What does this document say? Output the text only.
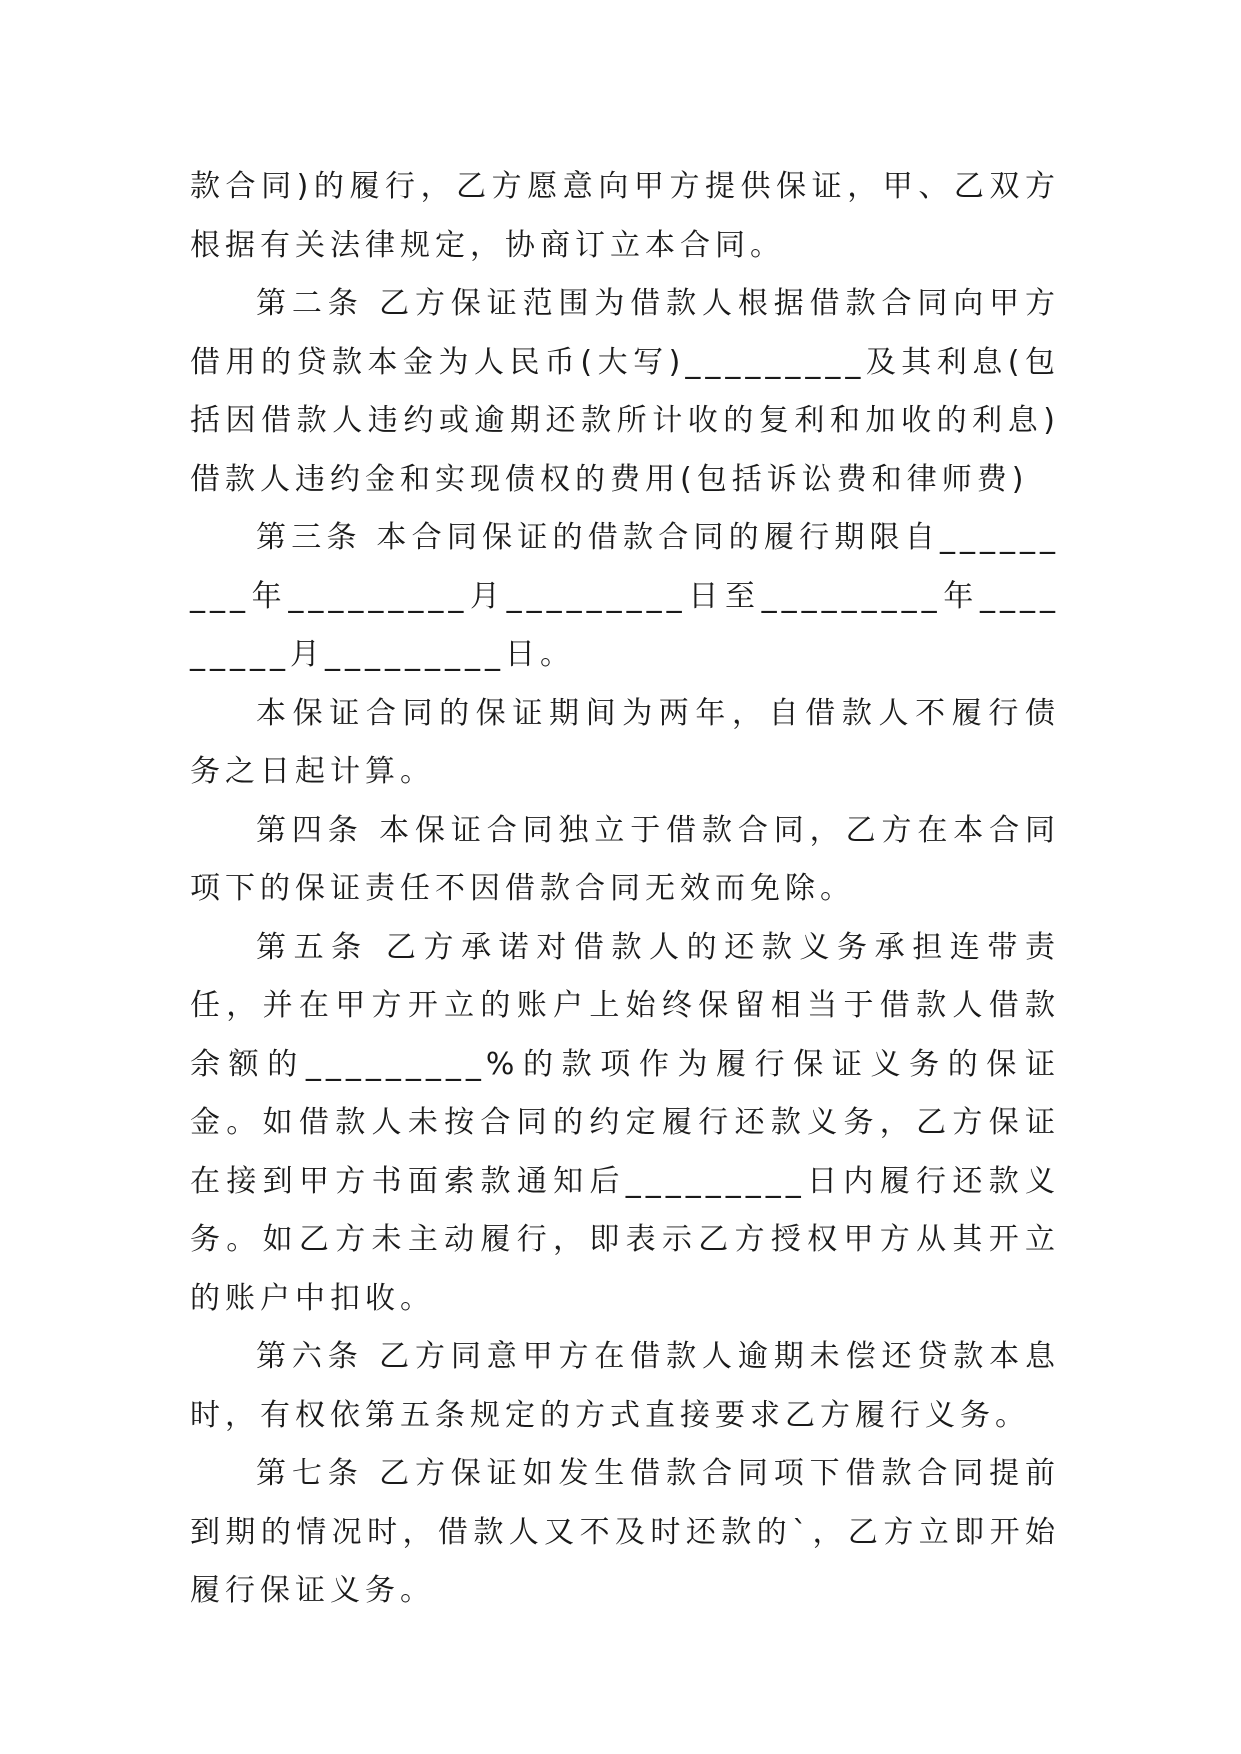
款合同)的履行，乙方愿意向甲方提供保证，甲、乙双方根据有关法律规定，协商订立本合同。

第二条 乙方保证范围为借款人根据借款合同向甲方借用的贷款本金为人民币(大写)_________及其利息(包括因借款人违约或逾期还款所计收的复利和加收的利息)借款人违约金和实现债权的费用(包括诉讼费和律师费)

第三条 本合同保证的借款合同的履行期限自_________年_________月_________日至_________年_________月_________日。

本保证合同的保证期间为两年，自借款人不履行债务之日起计算。

第四条 本保证合同独立于借款合同，乙方在本合同项下的保证责任不因借款合同无效而免除。

第五条 乙方承诺对借款人的还款义务承担连带责任，并在甲方开立的账户上始终保留相当于借款人借款余额的_________%的款项作为履行保证义务的保证金。如借款人未按合同的约定履行还款义务，乙方保证在接到甲方书面索款通知后_________日内履行还款义务。如乙方未主动履行，即表示乙方授权甲方从其开立的账户中扣收。

第六条 乙方同意甲方在借款人逾期未偿还贷款本息时，有权依第五条规定的方式直接要求乙方履行义务。

第七条 乙方保证如发生借款合同项下借款合同提前到期的情况时，借款人又不及时还款的`，乙方立即开始履行保证义务。
